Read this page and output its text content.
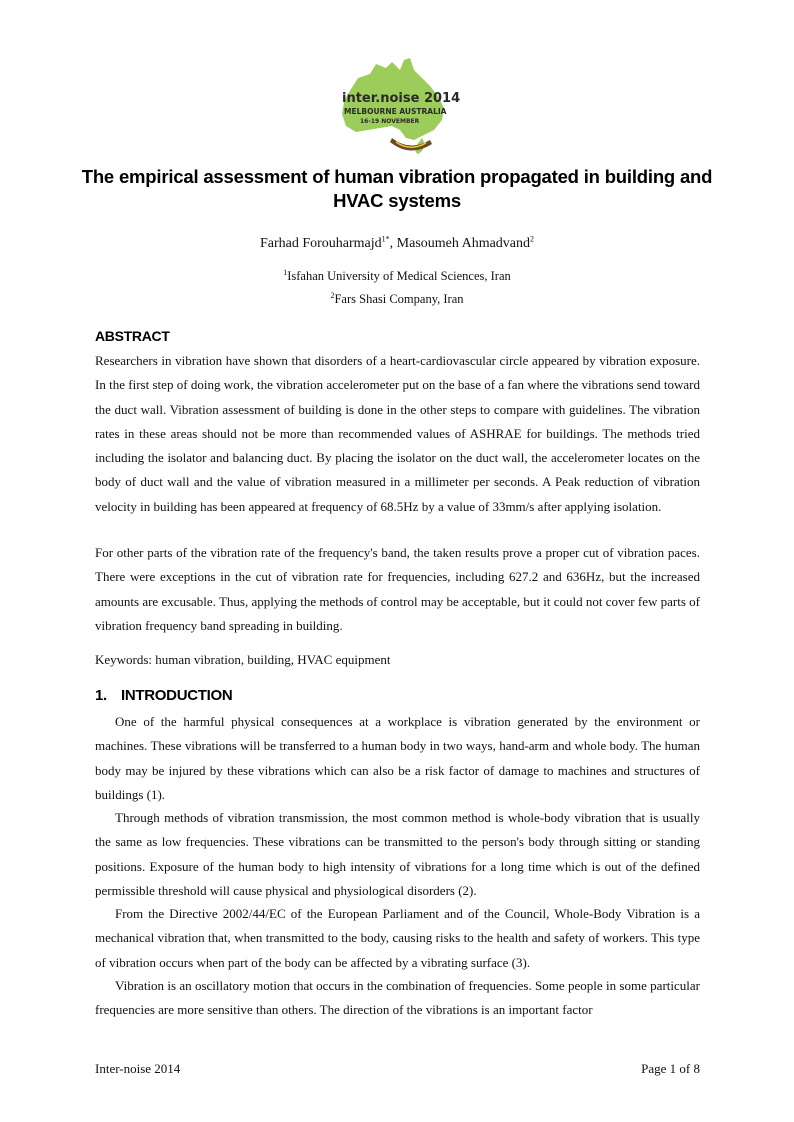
inter.noise 2014
MELBOURNE AUSTRALIA
16-19 NOVEMBER
The empirical assessment of human vibration propagated in building and HVAC systems
Farhad Forouharmajd$^{1*}$, Masoumeh Ahmadvand$^2$
$^1$Isfahan University of Medical Sciences, Iran
$^2$Fars Shasi Company, Iran
ABSTRACT
Researchers in vibration have shown that disorders of a heart-cardiovascular circle appeared by vibration exposure. In the first step of doing work, the vibration accelerometer put on the base of a fan where the vibrations send toward the duct wall. Vibration assessment of building is done in the other steps to compare with guidelines. The vibration rates in these areas should not be more than recommended values of ASHRAE for buildings. The methods tried including the isolator and balancing duct. By placing the isolator on the duct wall, the accelerometer locates on the body of duct wall and the value of vibration measured in a millimeter per seconds. A Peak reduction of vibration velocity in building has been appeared at frequency of 68.5Hz by a value of 33mm/s after applying isolation.
For other parts of the vibration rate of the frequency's band, the taken results prove a proper cut of vibration paces. There were exceptions in the cut of vibration rate for frequencies, including 627.2 and 636Hz, but the increased amounts are excusable. Thus, applying the methods of control may be acceptable, but it could not cover few parts of vibration frequency band spreading in building.
Keywords: human vibration, building, HVAC equipment
1. INTRODUCTION
One of the harmful physical consequences at a workplace is vibration generated by the environment or machines. These vibrations will be transferred to a human body in two ways, hand-arm and whole body. The human body may be injured by these vibrations which can also be a risk factor of damage to machines and structures of buildings (1).
Through methods of vibration transmission, the most common method is whole-body vibration that is usually the same as low frequencies. These vibrations can be transmitted to the person's body through sitting or standing positions. Exposure of the human body to high intensity of vibrations for a long time which is out of the defined permissible threshold will cause physical and physiological disorders (2).
From the Directive 2002/44/EC of the European Parliament and of the Council, Whole-Body Vibration is a mechanical vibration that, when transmitted to the body, causing risks to the health and safety of workers. This type of vibration occurs when part of the body can be affected by a vibrating surface (3).
Vibration is an oscillatory motion that occurs in the combination of frequencies. Some people in some particular frequencies are more sensitive than others. The direction of the vibrations is an important factor
Inter-noise 2014	Page 1 of 8
